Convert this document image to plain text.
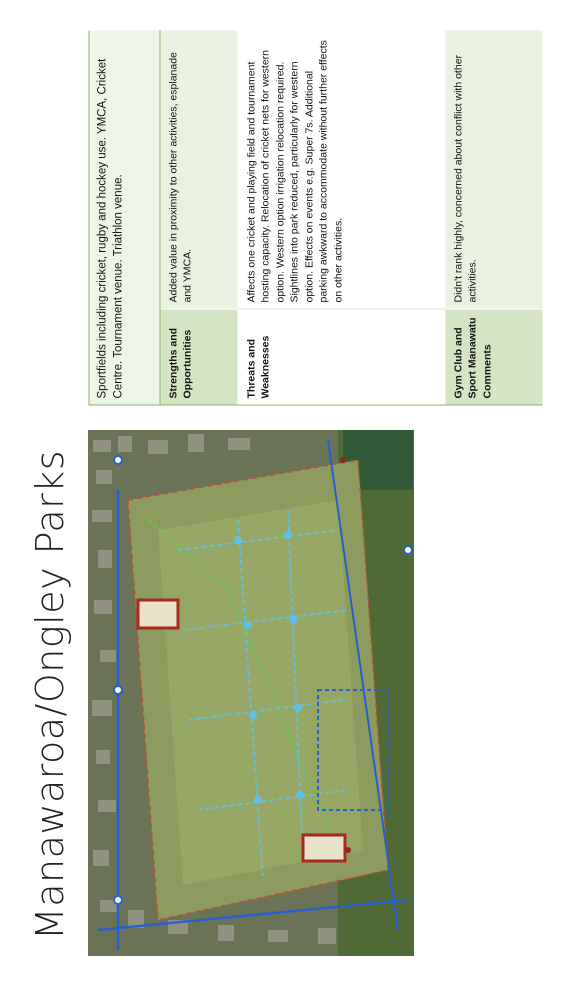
Manawaroa/Ongley Parks
Sportfields including cricket, rugby and hockey use. YMCA, Cricket Centre. Tournament venue. Triathlon venue.	Strengths and Opportunities
Added value in proximity to other activities, esplanade and YMCA.
Threats and Weaknesses
Affects one cricket and playing field and tournament hosting capacity. Relocation of cricket nets for western option. Western option irrigation relocation required. Sightlines into park reduced, particularly for western option. Effects on events e.g. Super 7s. Additional parking awkward to accommodate without further effects on other activities.
Gym Club and Sport Manawatu Comments
Didn't rank highly, concerned about conflict with other activities.
